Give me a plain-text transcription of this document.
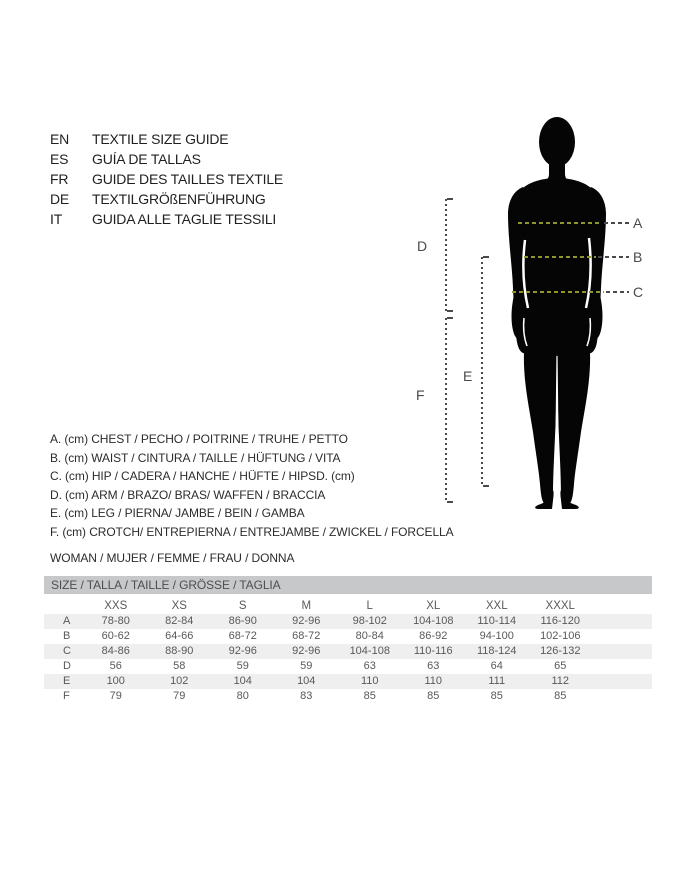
EN	TEXTILE SIZE GUIDE
ES	GUÍA DE TALLAS
FR	GUIDE DES TAILLES TEXTILE
DE	TEXTILGRÖßENFÜHRUNG
IT	GUIDA ALLE TAGLIE TESSILI	A
B
C
D
F
E
A. (cm) CHEST / PECHO / POITRINE / TRUHE / PETTO
B. (cm) WAIST / CINTURA / TAILLE / HÜFTUNG / VITA
C. (cm) HIP / CADERA / HANCHE / HÜFTE / HIPSD. (cm)
D. (cm) ARM / BRAZO/ BRAS/ WAFFEN / BRACCIA
E. (cm) LEG / PIERNA/ JAMBE / BEIN / GAMBA
F. (cm) CROTCH/ ENTREPIERNA / ENTREJAMBE / ZWICKEL / FORCELLA
WOMAN / MUJER / FEMME / FRAU / DONNA
SIZE / TALLA / TAILLE / GRÖSSE / TAGLIA
XXS	XS	S	M	L	XL	XXL	XXXL
A	78-80	82-84	86-90	92-96	98-102	104-108	110-114	116-120
B	60-62	64-66	68-72	68-72	80-84	86-92	94-100	102-106
C	84-86	88-90	92-96	92-96	104-108	110-116	118-124	126-132
D	56	58	59	59	63	63	64	65
E	100	102	104	104	110	110	111	112
F	79	79	80	83	85	85	85	85
